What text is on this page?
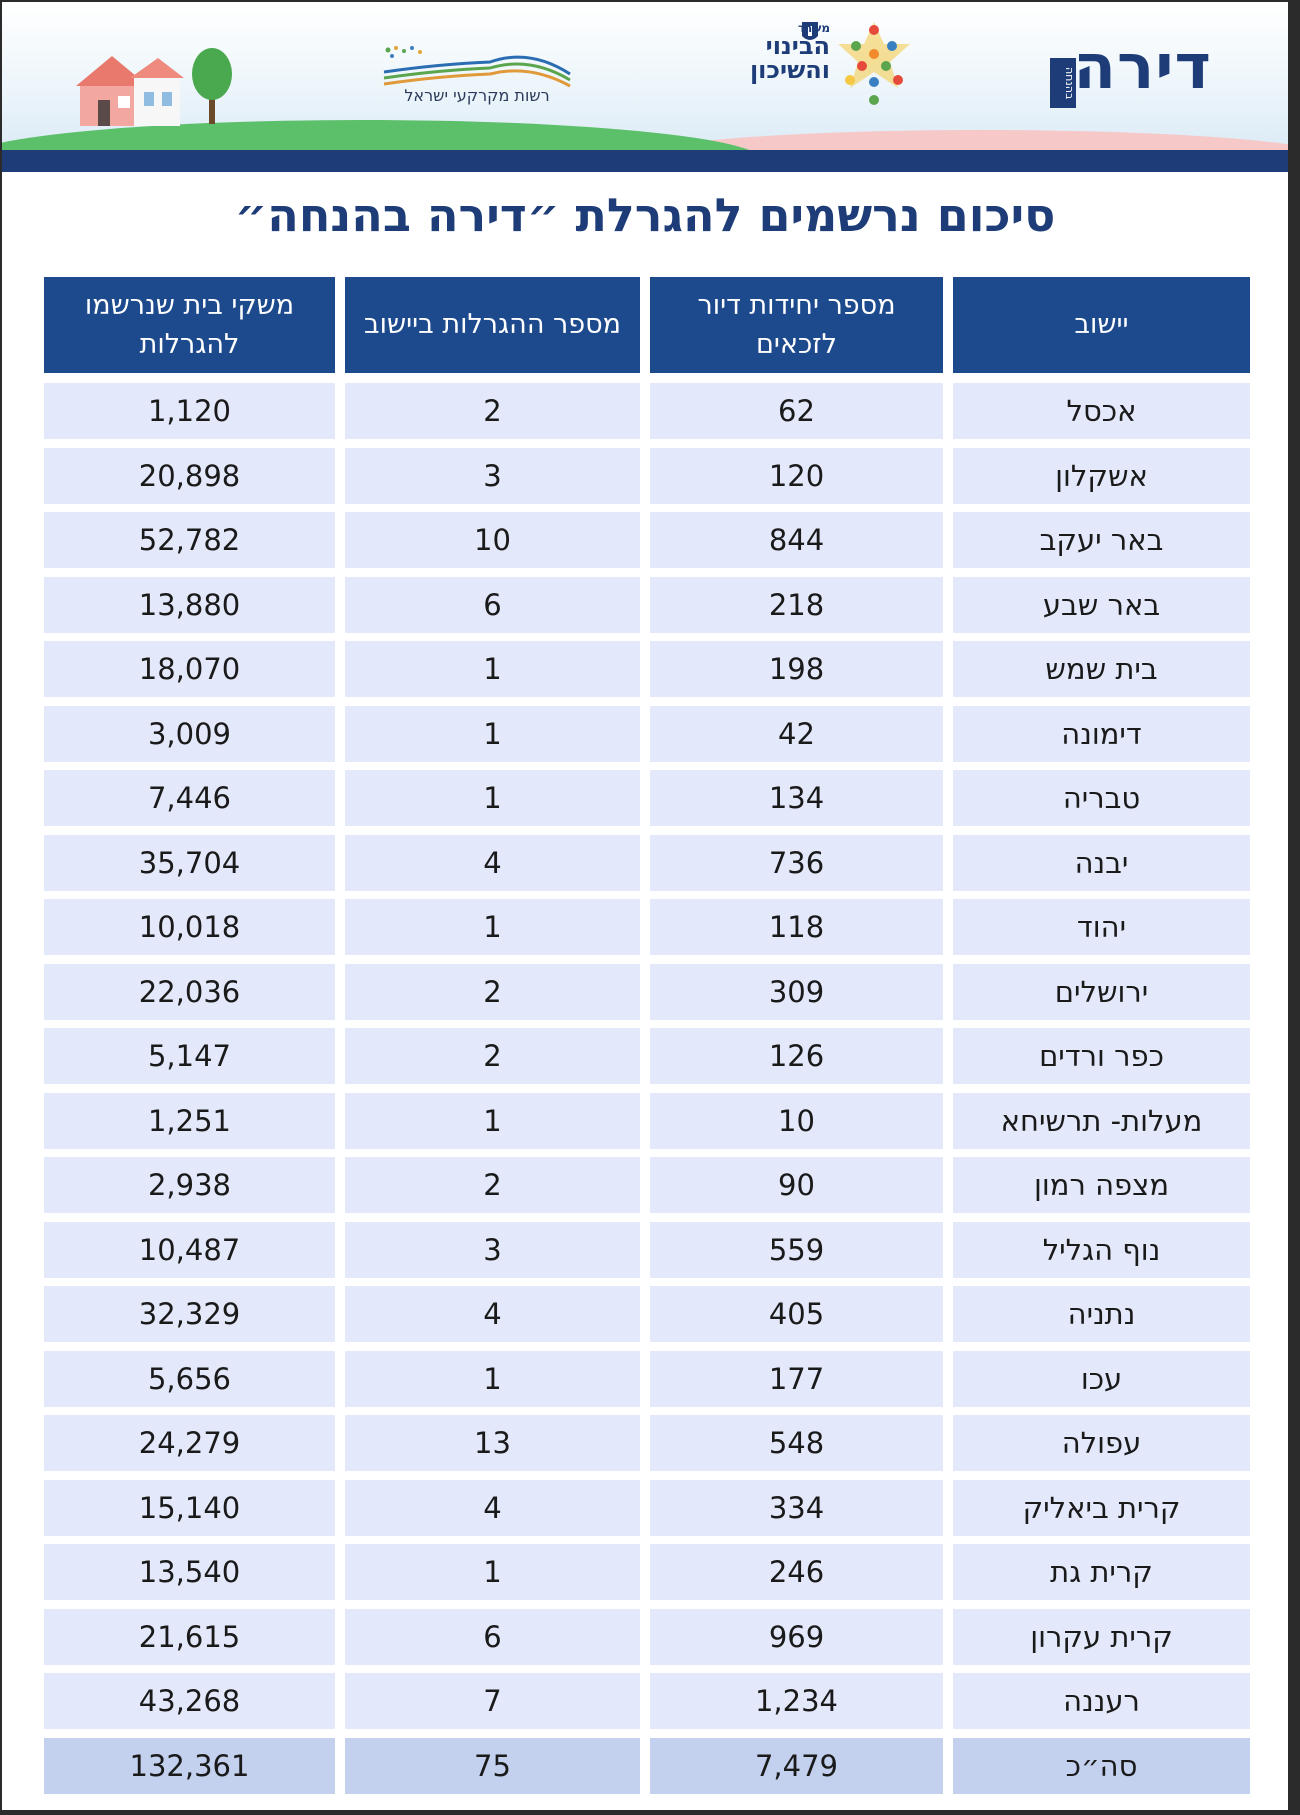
רשות מקרקעי ישראל
משרד
הבינוי
והשיכון	בהנחה
דירה
סיכום נרשמים להגרלת ״דירה בהנחה״
יישוב
מספר יחידות דיור לזכאים
מספר ההגרלות ביישוב
משקי בית שנרשמו להגרלות
אכסל
62
2
1,120
אשקלון
120
3
20,898
באר יעקב
844
10
52,782
באר שבע
218
6
13,880
בית שמש
198
1
18,070
דימונה
42
1
3,009
טבריה
134
1
7,446
יבנה
736
4
35,704
יהוד
118
1
10,018
ירושלים
309
2
22,036
כפר ורדים
126
2
5,147
מעלות- תרשיחא
10
1
1,251
מצפה רמון
90
2
2,938
נוף הגליל
559
3
10,487
נתניה
405
4
32,329
עכו
177
1
5,656
עפולה
548
13
24,279
קרית ביאליק
334
4
15,140
קרית גת
246
1
13,540
קרית עקרון
969
6
21,615
רעננה
1,234
7
43,268
סה״כ
7,479
75
132,361
